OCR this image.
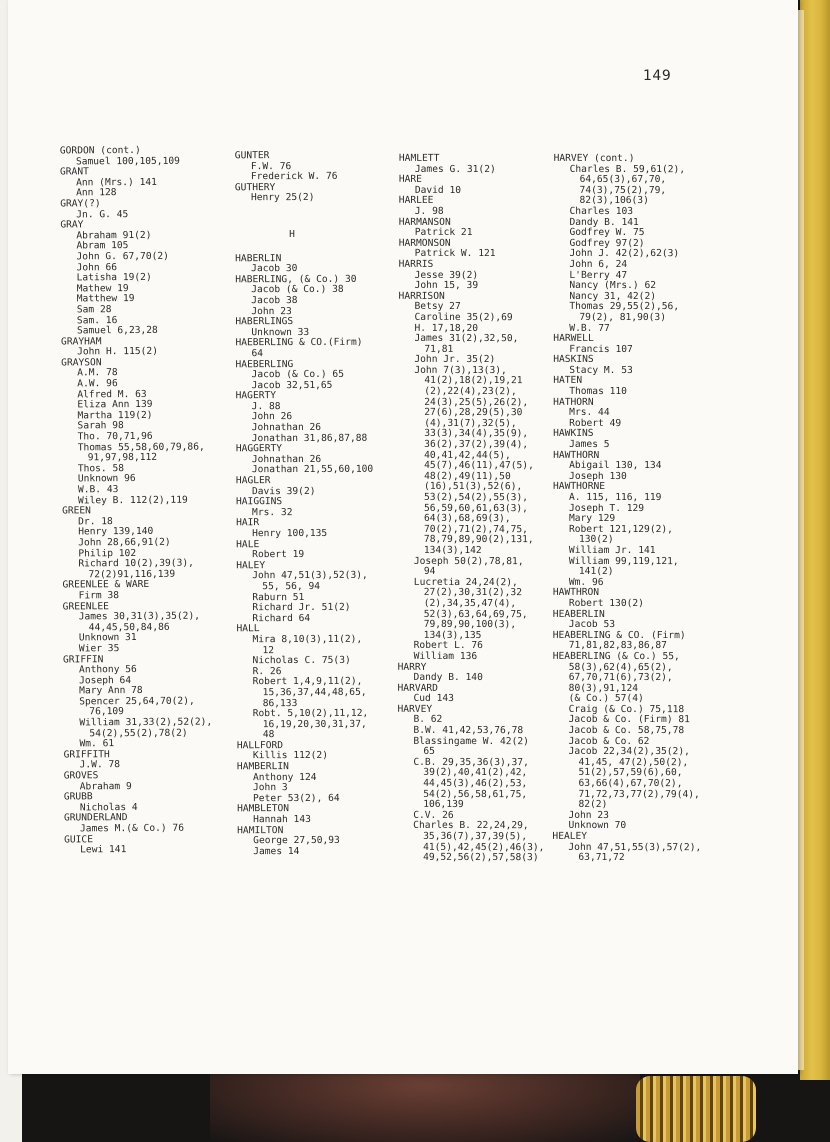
149
GORDON (cont.)
Samuel 100,105,109
GRANT
Ann (Mrs.) 141
Ann 128
GRAY(?)
Jn. G. 45
GRAY
Abraham 91(2)
Abram 105
John G. 67,70(2)
John 66
Latisha 19(2)
Mathew 19
Matthew 19
Sam 28
Sam. 16
Samuel 6,23,28
GRAYHAM
John H. 115(2)
GRAYSON
A.M. 78
A.W. 96
Alfred M. 63
Eliza Ann 139
Martha 119(2)
Sarah 98
Tho. 70,71,96
Thomas 55,58,60,79,86,
91,97,98,112
Thos. 58
Unknown 96
W.B. 43
Wiley B. 112(2),119
GREEN
Dr. 18
Henry 139,140
John 28,66,91(2)
Philip 102
Richard 10(2),39(3),
72(2)91,116,139
GREENLEE & WARE
Firm 38
GREENLEE
James 30,31(3),35(2),
44,45,50,84,86
Unknown 31
Wier 35
GRIFFIN
Anthony 56
Joseph 64
Mary Ann 78
Spencer 25,64,70(2),
76,109
William 31,33(2),52(2),
54(2),55(2),78(2)
Wm. 61
GRIFFITH
J.W. 78
GROVES
Abraham 9
GRUBB
Nicholas 4
GRUNDERLAND
James M.(& Co.) 76
GUICE
Lewi 141
GUNTER
F.W. 76
Frederick W. 76
GUTHERY
Henry 25(2)
H
HABERLIN
Jacob 30
HABERLING, (& Co.) 30
Jacob (& Co.) 38
Jacob 38
John 23
HABERLINGS
Unknown 33
HAEBERLING & CO.(Firm)
64
HAEBERLING
Jacob (& Co.) 65
Jacob 32,51,65
HAGERTY
J. 88
John 26
Johnathan 26
Jonathan 31,86,87,88
HAGGERTY
Johnathan 26
Jonathan 21,55,60,100
HAGLER
Davis 39(2)
HAIGGINS
Mrs. 32
HAIR
Henry 100,135
HALE
Robert 19
HALEY
John 47,51(3),52(3),
55, 56, 94
Raburn 51
Richard Jr. 51(2)
Richard 64
HALL
Mira 8,10(3),11(2),
12
Nicholas C. 75(3)
R. 26
Robert 1,4,9,11(2),
15,36,37,44,48,65,
86,133
Robt. 5,10(2),11,12,
16,19,20,30,31,37,
48
HALLFORD
Killis 112(2)
HAMBERLIN
Anthony 124
John 3
Peter 53(2), 64
HAMBLETON
Hannah 143
HAMILTON
George 27,50,93
James 14
HAMLETT
James G. 31(2)
HARE
David 10
HARLEE
J. 98
HARMANSON
Patrick 21
HARMONSON
Patrick W. 121
HARRIS
Jesse 39(2)
John 15, 39
HARRISON
Betsy 27
Caroline 35(2),69
H. 17,18,20
James 31(2),32,50,
71,81
John Jr. 35(2)
John 7(3),13(3),
41(2),18(2),19,21
(2),22(4),23(2),
24(3),25(5),26(2),
27(6),28,29(5),30
(4),31(7),32(5),
33(3),34(4),35(9),
36(2),37(2),39(4),
40,41,42,44(5),
45(7),46(11),47(5),
48(2),49(11),50
(16),51(3),52(6),
53(2),54(2),55(3),
56,59,60,61,63(3),
64(3),68,69(3),
70(2),71(2),74,75,
78,79,89,90(2),131,
134(3),142
Joseph 50(2),78,81,
94
Lucretia 24,24(2),
27(2),30,31(2),32
(2),34,35,47(4),
52(3),63,64,69,75,
79,89,90,100(3),
134(3),135
Robert L. 76
William 136
HARRY
Dandy B. 140
HARVARD
Cud 143
HARVEY
B. 62
B.W. 41,42,53,76,78
Blassingame W. 42(2)
65
C.B. 29,35,36(3),37,
39(2),40,41(2),42,
44,45(3),46(2),53,
54(2),56,58,61,75,
106,139
C.V. 26
Charles B. 22,24,29,
35,36(7),37,39(5),
41(5),42,45(2),46(3),
49,52,56(2),57,58(3)
HARVEY (cont.)
Charles B. 59,61(2),
64,65(3),67,70,
74(3),75(2),79,
82(3),106(3)
Charles 103
Dandy B. 141
Godfrey W. 75
Godfrey 97(2)
John J. 42(2),62(3)
John 6, 24
L'Berry 47
Nancy (Mrs.) 62
Nancy 31, 42(2)
Thomas 29,55(2),56,
79(2), 81,90(3)
W.B. 77
HARWELL
Francis 107
HASKINS
Stacy M. 53
HATEN
Thomas 110
HATHORN
Mrs. 44
Robert 49
HAWKINS
James 5
HAWTHORN
Abigail 130, 134
Joseph 130
HAWTHORNE
A. 115, 116, 119
Joseph T. 129
Mary 129
Robert 121,129(2),
130(2)
William Jr. 141
William 99,119,121,
141(2)
Wm. 96
HAWTHRON
Robert 130(2)
HEABERLIN
Jacob 53
HEABERLING & CO. (Firm)
71,81,82,83,86,87
HEABERLING (& Co.) 55,
58(3),62(4),65(2),
67,70,71(6),73(2),
80(3),91,124
(& Co.) 57(4)
Craig (& Co.) 75,118
Jacob & Co. (Firm) 81
Jacob & Co. 58,75,78
Jacob & Co. 62
Jacob 22,34(2),35(2),
41,45, 47(2),50(2),
51(2),57,59(6),60,
63,66(4),67,70(2),
71,72,73,77(2),79(4),
82(2)
John 23
Unknown 70
HEALEY
John 47,51,55(3),57(2),
63,71,72
